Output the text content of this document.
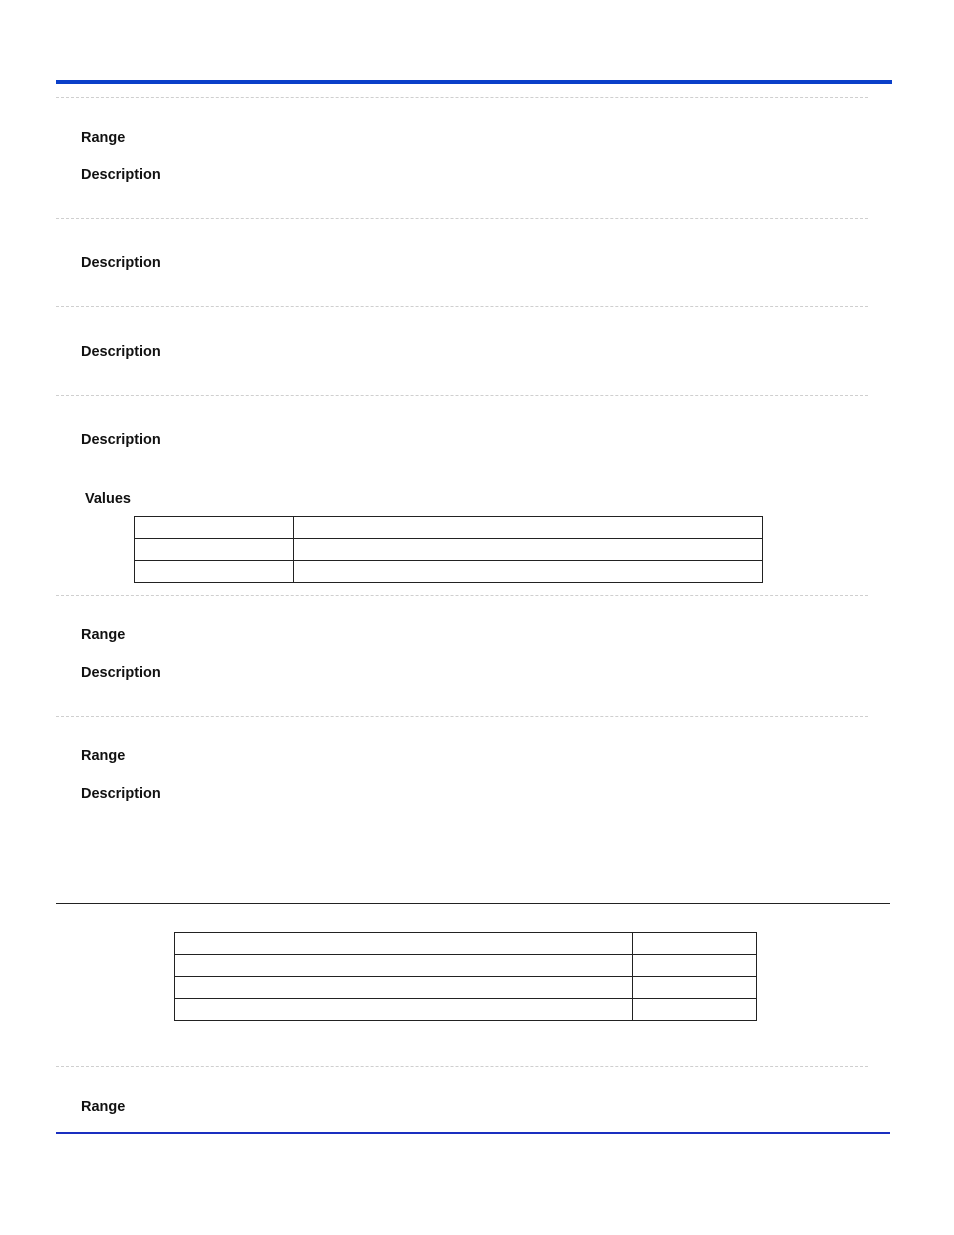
Range
Description
Description
Description
Description
Values

Range
Description
Range
Description

Range
